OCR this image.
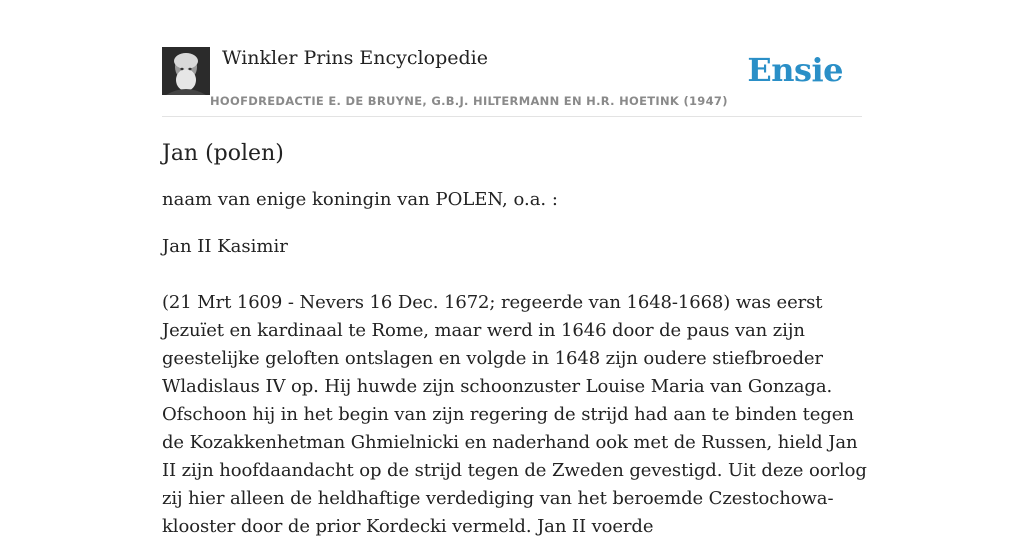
Winkler Prins Encyclopedie
HOOFDREDACTIE E. DE BRUYNE, G.B.J. HILTERMANN EN H.R. HOETINK (1947)
Ensie
Jan (polen)

naam van enige koningin van POLEN, o.a. :

Jan II Kasimir

(21 Mrt 1609 - Nevers 16 Dec. 1672; regeerde van 1648-1668) was eerst Jezuïet en kardinaal te Rome, maar werd in 1646 door de paus van zijn geestelijke geloften ontslagen en volgde in 1648 zijn oudere stiefbroeder Wladislaus IV op. Hij huwde zijn schoonzuster Louise Maria van Gonzaga. Ofschoon hij in het begin van zijn regering de strijd had aan te binden tegen de Kozakkenhetman Ghmielnicki en naderhand ook met de Russen, hield Jan II zijn hoofdaandacht op de strijd tegen de Zweden gevestigd. Uit deze oorlog zij hier alleen de heldhaftige verdediging van het beroemde Czestochowa-klooster door de prior Kordecki vermeld. Jan II voerde
